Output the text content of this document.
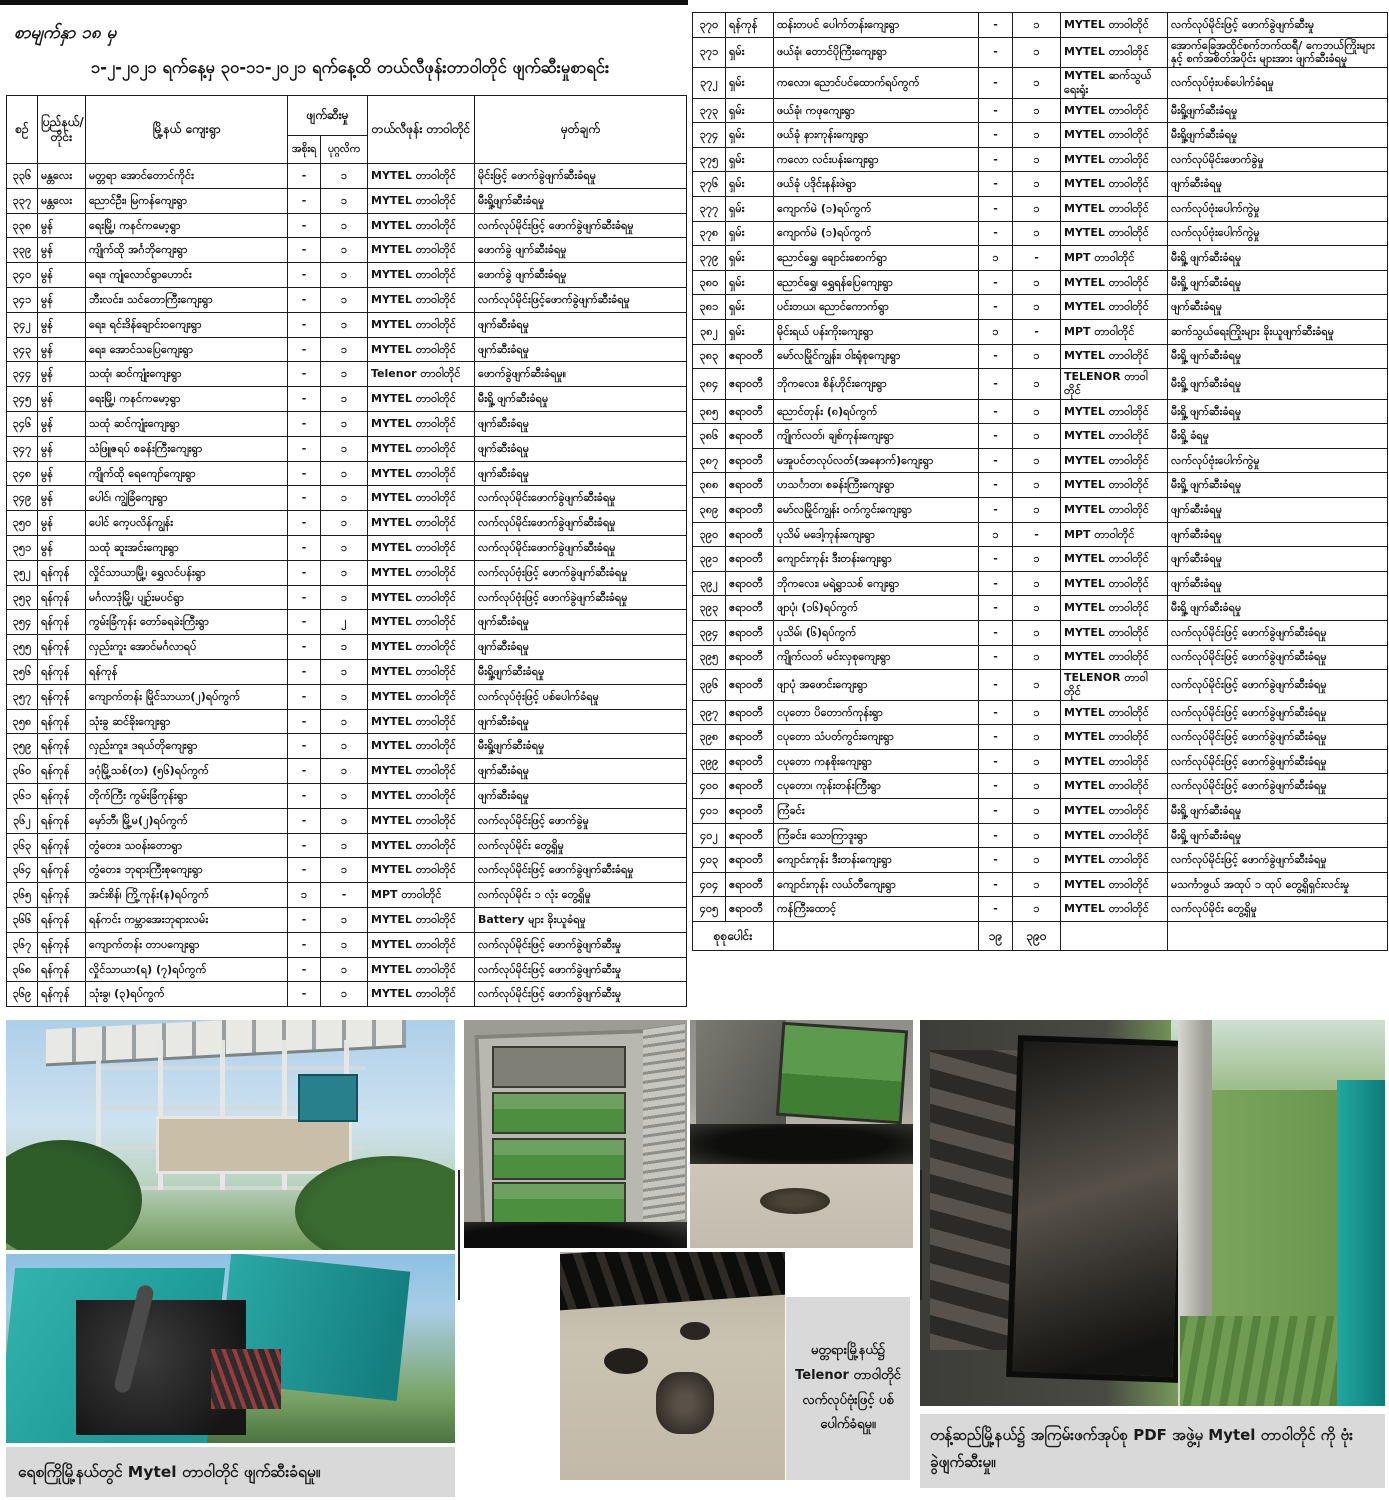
စာမျက်နှာ ၁၈ မှ
၁-၂-၂၀၂၁ ရက်နေ့မှ ၃၀-၁၁-၂၀၂၁ ရက်နေ့ထိ တယ်လီဖုန်းတာဝါတိုင် ဖျက်ဆီးမှုစာရင်း
စဉ်	ပြည်နယ်/ တိုင်း	မြို့နယ် ကျေးရွာ	ဖျက်ဆီးမှု		တယ်လီဖုန်း တာဝါတိုင်	မှတ်ချက်
			အစိုးရ	ပုဂ္ဂလိက		
၃၃၆	မန္တလေး	မတ္တရာ အောင်တောင်ကိုင်း	-	၁	MYTEL တာဝါတိုင်	မိုင်းဖြင့် ဖောက်ခွဲဖျက်ဆီးခံရမှု
၃၃၇	မန္တလေး	ညောင်ဦး၊ မြကန်ကျေးရွာ	-	၁	MYTEL တာဝါတိုင်	မီးရှို့ဖျက်ဆီးခံရမှု
၃၃၈	မွန်	ရေးမြို့၊ ကနင်ကမော့ရွာ	-	၁	MYTEL တာဝါတိုင်	လက်လုပ်မိုင်းဖြင့် ဖောက်ခွဲဖျက်ဆီးခံရမှု
၃၃၉	မွန်	ကျိုက်ထို အင်္ဂဘိုကျေးရွာ	-	၁	MYTEL တာဝါတိုင်	ဖောက်ခွဲ ဖျက်ဆီးခံရမှု
၃၄၀	မွန်	ရေး၊ ကျုံလောင်ရွာဟောင်း	-	၁	MYTEL တာဝါတိုင်	ဖောက်ခွဲ ဖျက်ဆီးခံရမှု
၃၄၁	မွန်	ဘီးလင်း၊ သင်တောကြီးကျေးရွာ	-	၁	MYTEL တာဝါတိုင်	လက်လုပ်မိုင်းဖြင့်ဖောက်ခွဲဖျက်ဆီးခံရမှု
၃၄၂	မွန်	ရေး၊ ရင်းဒိန်ချောင်းဝကျေးရွာ	-	၁	MYTEL တာဝါတိုင်	ဖျက်ဆီးခံရမှု
၃၄၃	မွန်	ရေး၊ အောင်သပြေကျေးရွာ	-	၁	MYTEL တာဝါတိုင်	ဖျက်ဆီးခံရမှု
၃၄၄	မွန်	သထုံ၊ ဆင်ကျုံးကျေးရွာ	-	၁	Telenor တာဝါတိုင်	ဖောက်ခွဲဖျက်ဆီးခံရမှု။
၃၄၅	မွန်	ရေးမြို့၊ ကနင်ကမော့ရွာ	-	၁	MYTEL တာဝါတိုင်	မီးရှို့ ဖျက်ဆီးခံရမှု
၃၄၆	မွန်	သထုံ ဆင်ကျုံးကျေးရွာ	-	၁	MYTEL တာဝါတိုင်	ဖျက်ဆီးခံရမှု
၃၄၇	မွန်	သံဖြူဇရပ် စခန်းကြီးကျေးရွာ	-	၁	MYTEL တာဝါတိုင်	ဖျက်ဆီးခံရမှု
၃၄၈	မွန်	ကျိုက်ထို ရေကျော်ကျေးရွာ	-	၁	MYTEL တာဝါတိုင်	ဖျက်ဆီးခံရမှု
၃၄၉	မွန်	ပေါင်၊ ကျွဲခြံကျေးရွာ	-	၁	MYTEL တာဝါတိုင်	လက်လုပ်မိုင်းဖောက်ခွဲဖျက်ဆီးခံရမှု
၃၅၀	မွန်	ပေါင် ကေ့ပလိန်ကျွန်း	-	၁	MYTEL တာဝါတိုင်	လက်လုပ်မိုင်းဖောက်ခွဲဖျက်ဆီးခံရမှု
၃၅၁	မွန်	သထုံ ဆူးအင်းကျေးရွာ	-	၁	MYTEL တာဝါတိုင်	လက်လုပ်မိုင်းဖောက်ခွဲဖျက်ဆီးခံရမှု
၃၅၂	ရန်ကုန်	လှိုင်သာယာမြို့၊ ရွှေလင်ပန်းရွာ	-	၁	MYTEL တာဝါတိုင်	လက်လုပ်ဗုံးဖြင့် ဖောက်ခွဲဖျက်ဆီးခံရမှု
၃၅၃	ရန်ကုန်	မင်္ဂလာဒုံမြို့၊ ပျဉ်းမပင်ရွာ	-	၁	MYTEL တာဝါတိုင်	လက်လုပ်ဗုံးဖြင့် ဖောက်ခွဲဖျက်ဆီးခံရမှု
၃၅၄	ရန်ကုန်	ကွမ်းခြံကုန်း တော်ခရခဲးကြီးရွာ	-	၂	MYTEL တာဝါတိုင်	ဖျက်ဆီးခံရမှု
၃၅၅	ရန်ကုန်	လှည်းကူး အောင်မင်္ဂလာရပ်	-	၁	MYTEL တာဝါတိုင်	ဖျက်ဆီးခံရမှု
၃၅၆	ရန်ကုန်	ရန်ကုန်	-	၁	MYTEL တာဝါတိုင်	မီးရှို့ဖျက်ဆီးခံရမှု
၃၅၇	ရန်ကုန်	ကျောက်တန်း မြိုင်သာယာ(၂)ရပ်ကွက်	-	၁	MYTEL တာဝါတိုင်	လက်လုပ်ဗုံးဖြင့် ပစ်ပေါက်ခံရမှု
၃၅၈	ရန်ကုန်	သုံးခွ ဆင်ခိုးကျေးရွာ	-	၁	MYTEL တာဝါတိုင်	ဖျက်ဆီးခံရမှု
၃၅၉	ရန်ကုန်	လှည်းကူး၊ ဒရယ်တိုကျေးရွာ	-	၁	MYTEL တာဝါတိုင်	မီးရှို့ဖျက်ဆီးခံရမှု
၃၆၀	ရန်ကုန်	ဒဂုံမြို့သစ်(တ) (၅၆)ရပ်ကွက်	-	၁	MYTEL တာဝါတိုင်	ဖျက်ဆီးခံရမှု
၃၆၁	ရန်ကုန်	တိုက်ကြီး ကွမ်းခြံကုန်းရွာ	-	၁	MYTEL တာဝါတိုင်	ဖျက်ဆီးခံရမှု
၃၆၂	ရန်ကုန်	မှော်ဘီ၊ မြို့မ(၂)ရပ်ကွက်	-	၁	MYTEL တာဝါတိုင်	လက်လုပ်မိုင်းဖြင့် ဖောက်ခွဲမှု
၃၆၃	ရန်ကုန်	တွံတေး၊ သဝန်းတောရွာ	-	၁	MYTEL တာဝါတိုင်	လက်လုပ်မိုင်း တွေ့ရှိမှု
၃၆၄	ရန်ကုန်	တွံတေး၊ ဘုရားကြီးစုကျေးရွာ	-	၁	MYTEL တာဝါတိုင်	လက်လုပ်မိုင်းဖြင့် ဖောက်ခွဲဖျက်ဆီးခံရမှု
၃၆၅	ရန်ကုန်	အင်းစိန်၊ ကြို့ကုန်း(န)ရပ်ကွက်	၁	-	MPT တာဝါတိုင်	လက်လုပ်မိုင်း ၁ လုံး တွေ့ရှိမှု
၃၆၆	ရန်ကုန်	ရန်ကင်း ကမ္ဘာအေးဘုရားလမ်း	-	၁	MYTEL တာဝါတိုင်	Battery များ ခိုးယူခံရမှု
၃၆၇	ရန်ကုန်	ကျောက်တန်း တာပကျေးရွာ	-	၁	MYTEL တာဝါတိုင်	လက်လုပ်မိုင်းဖြင့် ဖောက်ခွဲဖျက်ဆီးမှု
၃၆၈	ရန်ကုန်	လှိုင်သာယာ(ရ) (၇)ရပ်ကွက်	-	၁	MYTEL တာဝါတိုင်	လက်လုပ်မိုင်းဖြင့် ဖောက်ခွဲဖျက်ဆီးမှု
၃၆၉	ရန်ကုန်	သုံးခွ၊ (၃)ရပ်ကွက်	-	၁	MYTEL တာဝါတိုင်	လက်လုပ်မိုင်းဖြင့် ဖောက်ခွဲဖျက်ဆီးမှု
၃၇၀	ရန်ကုန်	ထန်းတပင် ပေါက်တန်းကျေးရွာ	-	၁	MYTEL တာဝါတိုင်	လက်လုပ်မိုင်းဖြင့် ဖောက်ခွဲဖျက်ဆီးမှု
၃၇၁	ရှမ်း	ဖယ်ခုံ၊ တောင်ပိုကြီးကျေးရွာ	-	၁	MYTEL တာဝါတိုင်	အောက်ခြေအထိုင်စက်ဘက်ထရီ/ ကေဘယ်ကြိုးများနှင့် စက်အစိတ်အပိုင်း များအား ဖျက်ဆီးခံရမှု
၃၇၂	ရှမ်း	ကလော၊ ညောင်ပင်ထောက်ရပ်ကွက်	-	၁	MYTEL ဆက်သွယ်ရေးရုံး	လက်လုပ်ဗုံးပစ်ပေါက်ခံရမှု
၃၇၃	ရှမ်း	ဖယ်ခုံ၊ ကဖုကျေးရွာ	-	၁	MYTEL တာဝါတိုင်	မီးရှို့ဖျက်ဆီးခံရမှု
၃၇၄	ရှမ်း	ဖယ်ခုံ နားကုန်းကျေးရွာ	-	၁	MYTEL တာဝါတိုင်	မီးရှို့ဖျက်ဆီးခံရမှု
၃၇၅	ရှမ်း	ကလော လင်းပန်းကျေးရွာ	-	၁	MYTEL တာဝါတိုင်	လက်လုပ်မိုင်းဖောက်ခွဲမှု
၃၇၆	ရှမ်း	ဖယ်ခုံ ပဒိုင်းနန်းဖဲရွာ	-	၁	MYTEL တာဝါတိုင်	ဖျက်ဆီးခံရမှု
၃၇၇	ရှမ်း	ကျောက်မဲ (၁)ရပ်ကွက်	-	၁	MYTEL တာဝါတိုင်	လက်လုပ်ဗုံးပေါက်ကွဲမှု
၃၇၈	ရှမ်း	ကျောက်မဲ (၁)ရပ်ကွက်	-	၁	MYTEL တာဝါတိုင်	လက်လုပ်ဗုံးပေါက်ကွဲမှု
၃၇၉	ရှမ်း	ညောင်ရွှေ၊ ချောင်းစောက်ရွာ	၁	-	MPT တာဝါတိုင်	မီးရှို့ ဖျက်ဆီးခံရမှု
၃၈၀	ရှမ်း	ညောင်ရွှေ၊ ရွှေရန်ပြေကျေးရွာ	-	၁	MYTEL တာဝါတိုင်	မီးရှို့ ဖျက်ဆီးခံရမှု
၃၈၁	ရှမ်း	ပင်းတယ၊ ညောင်ကောက်ရွာ	-	၁	MYTEL တာဝါတိုင်	ဖျက်ဆီးခံရမှု
၃၈၂	ရှမ်း	မိုင်းရယ် ပန်းကိုးကျေးရွာ	၁	-	MPT တာဝါတိုင်	ဆက်သွယ်ရေးကြိုးများ ခိုးယူဖျက်ဆီးခံရမှု
၃၈၃	ဧရာဝတီ	မော်လမြိုင်ကျွန်း၊ ဝါးရုံစုကျေးရွာ	-	၁	MYTEL တာဝါတိုင်	မီးရှို့ ဖျက်ဆီးခံရမှု
၃၈၄	ဧရာဝတီ	ဘိုကလေး၊ စိန်ဟိုင်းကျေးရွာ	-	၁	TELENOR တာဝါတိုင်	မီးရှို့ ဖျက်ဆီးခံရမှု
၃၈၅	ဧရာဝတီ	ညောင်တုန်း (၈)ရပ်ကွက်	-	၁	MYTEL တာဝါတိုင်	မီးရှို့ ဖျက်ဆီးခံရမှု
၃၈၆	ဧရာဝတီ	ကျိုက်လတ်၊ ချစ်ကုန်းကျေးရွာ	-	၁	MYTEL တာဝါတိုင်	မီးရှို့ ခံရမှု
၃၈၇	ဧရာဝတီ	မအူပင်တလုပ်လတ်(အနောက်)ကျေးရွာ	-	၁	MYTEL တာဝါတိုင်	လက်လုပ်ဗုံးပေါက်ကွဲမှု
၃၈၈	ဧရာဝတီ	ဟသင်္ာတ၊ စခန်းကြီးကျေးရွာ	-	၁	MYTEL တာဝါတိုင်	မီးရှို့ ဖျက်ဆီးခံရမှု
၃၈၉	ဧရာဝတီ	မော်လမြိုင်ကျွန်း ဝက်ကွင်းကျေးရွာ	-	၁	MYTEL တာဝါတိုင်	ဖျက်ဆီးခံရမှု
၃၉၀	ဧရာဝတီ	ပုသိမ် မဒေါ့ကုန်းကျေးရွာ	၁	-	MPT တာဝါတိုင်	ဖျက်ဆီးခံရမှု
၃၉၁	ဧရာဝတီ	ကျောင်းကုန်း ဒီးတန်းကျေးရွာ	-	၁	MYTEL တာဝါတိုင်	ဖျက်ဆီးခံရမှု
၃၉၂	ဧရာဝတီ	ဘိုကလေး၊ မရဲ့ရွာသစ် ကျေးရွာ	-	၁	MYTEL တာဝါတိုင်	ဖျက်ဆီးခံရမှု
၃၉၃	ဧရာဝတီ	ဖျာပုံ၊ (၁၆)ရပ်ကွက်	-	၁	MYTEL တာဝါတိုင်	မီးရှို့ ဖျက်ဆီးခံရမှု
၃၉၄	ဧရာဝတီ	ပုသိမ်၊ (၆)ရပ်ကွက်	-	၁	MYTEL တာဝါတိုင်	လက်လုပ်မိုင်းဖြင့် ဖောက်ခွဲဖျက်ဆီးခံရမှု
၃၉၅	ဧရာဝတီ	ကျိုက်လတ် မင်းလှစုကျေးရွာ	-	၁	MYTEL တာဝါတိုင်	လက်လုပ်မိုင်းဖြင့် ဖောက်ခွဲဖျက်ဆီးခံရမှု
၃၉၆	ဧရာဝတီ	ဖျာပုံ အဖောင်းကျေးရွာ	-	၁	TELENOR တာဝါတိုင်	လက်လုပ်မိုင်းဖြင့် ဖောက်ခွဲဖျက်ဆီးခံရမှု
၃၉၇	ဧရာဝတီ	ငပုတော ပိတောက်ကုန်းရွာ	-	၁	MYTEL တာဝါတိုင်	လက်လုပ်မိုင်းဖြင့် ဖောက်ခွဲဖျက်ဆီးခံရမှု
၃၉၈	ဧရာဝတီ	ငပုတော သံပတ်ကွင်းကျေးရွာ	-	၁	MYTEL တာဝါတိုင်	လက်လုပ်မိုင်းဖြင့် ဖောက်ခွဲဖျက်ဆီးခံရမှု
၃၉၉	ဧရာဝတီ	ငပုတော ကနစိုးကျေးရွာ	-	၁	MYTEL တာဝါတိုင်	လက်လုပ်မိုင်းဖြင့် ဖောက်ခွဲဖျက်ဆီးခံရမှု
၄၀၀	ဧရာဝတီ	ငပုတော၊ ကုန်းတန်းကြီးရွာ	-	၁	MYTEL တာဝါတိုင်	လက်လုပ်မိုင်းဖြင့် ဖောက်ခွဲဖျက်ဆီးခံရမှု
၄၀၁	ဧရာဝတီ	ကြံခင်း	-	၁	MYTEL တာဝါတိုင်	မီးရှို့ ဖျက်ဆီးခံရမှု
၄၀၂	ဧရာဝတီ	ကြံခင်း၊ သောကြာဒူးရွာ	-	၁	MYTEL တာဝါတိုင်	မီးရှို့ ဖျက်ဆီးခံရမှု
၄၀၃	ဧရာဝတီ	ကျောင်းကုန်း ဒီးတန်းကျေးရွာ	-	၁	MYTEL တာဝါတိုင်	လက်လုပ်မိုင်းဖြင့် ဖောက်ခွဲဖျက်ဆီးခံရမှု
၄၀၄	ဧရာဝတီ	ကျောင်းကုန်း လယ်တီကျေးရွာ	-	၁	MYTEL တာဝါတိုင်	မသင်္ကာဖွယ် အထုပ် ၁ ထုပ် တွေ့ရှိရှင်းလင်းမှု
၄၀၅	ဧရာဝတီ	ကန်ကြီးထောင့်	-	၁	MYTEL တာဝါတိုင်	လက်လုပ်မိုင်း တွေ့ရှိမှု
စုစုပေါင်း			၁၉	၃၉၀		
ရေစကြိုမြို့နယ်တွင် Mytel တာဝါတိုင် ဖျက်ဆီးခံရမှု။
မတ္တရားမြို့နယ်၌ Telenor တာဝါတိုင် လက်လုပ်ဗုံးဖြင့် ပစ်ပေါက်ခံရမှု။
တန့်ဆည်မြို့နယ်၌ အကြမ်းဖက်အုပ်စု PDF အဖွဲ့မှ Mytel တာဝါတိုင် ကို ဗုံးခွဲဖျက်ဆီးမှု။
